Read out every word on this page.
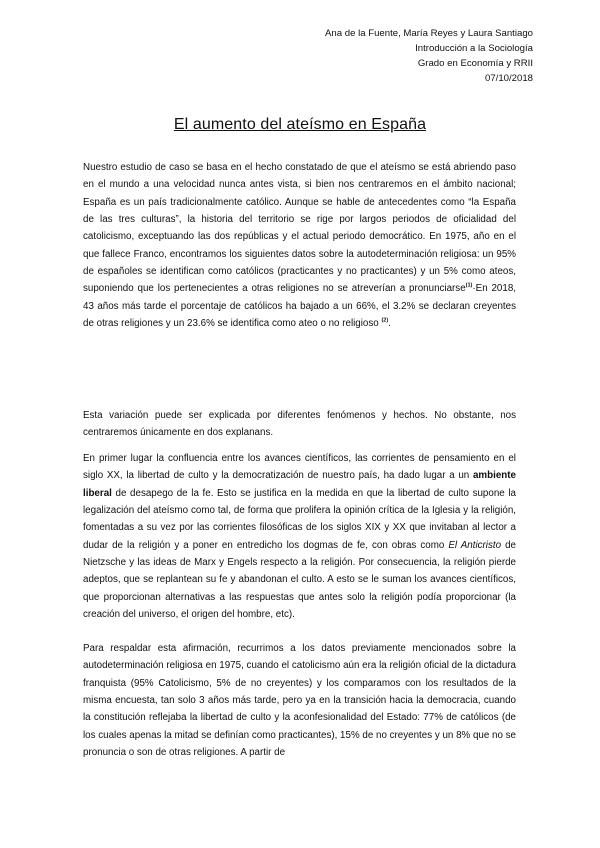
Ana de la Fuente, María Reyes y Laura Santiago
Introducción a la Sociología
Grado en Economía y RRII
07/10/2018
El aumento del ateísmo en España

Nuestro estudio de caso se basa en el hecho constatado de que el ateísmo se está abriendo paso en el mundo a una velocidad nunca antes vista, si bien nos centraremos en el ámbito nacional; España es un país tradicionalmente católico. Aunque se hable de antecedentes como “la España de las tres culturas”, la historia del territorio se rige por largos periodos de oficialidad del catolicismo, exceptuando las dos repúblicas y el actual periodo democrático. En 1975, año en el que fallece Franco, encontramos los siguientes datos sobre la autodeterminación religiosa: un 95% de españoles se identifican como católicos (practicantes y no practicantes) y un 5% como ateos, suponiendo que los pertenecientes a otras religiones no se atreverían a pronunciarse$^{(1)}$·En 2018, 43 años más tarde el porcentaje de católicos ha bajado a un 66%, el 3.2% se declaran creyentes de otras religiones y un 23.6% se identifica como ateo o no religioso $^{(2)}$.

Esta variación puede ser explicada por diferentes fenómenos y hechos. No obstante, nos centraremos únicamente en dos explanans.

En primer lugar la confluencia entre los avances científicos, las corrientes de pensamiento en el siglo XX, la libertad de culto y la democratización de nuestro país, ha dado lugar a un ambiente liberal de desapego de la fe. Esto se justifica en la medida en que la libertad de culto supone la legalización del ateísmo como tal, de forma que prolifera la opinión crítica de la Iglesia y la religión, fomentadas a su vez por las corrientes filosóficas de los siglos XIX y XX que invitaban al lector a dudar de la religión y a poner en entredicho los dogmas de fe, con obras como El Anticristo de Nietzsche y las ideas de Marx y Engels respecto a la religión. Por consecuencia, la religión pierde adeptos, que se replantean su fe y abandonan el culto. A esto se le suman los avances científicos, que proporcionan alternativas a las respuestas que antes solo la religión podía proporcionar (la creación del universo, el origen del hombre, etc).

Para respaldar esta afirmación, recurrimos a los datos previamente mencionados sobre la autodeterminación religiosa en 1975, cuando el catolicismo aún era la religión oficial de la dictadura franquista (95% Catolicismo, 5% de no creyentes) y los comparamos con los resultados de la misma encuesta, tan solo 3 años más tarde, pero ya en la transición hacia la democracia, cuando la constitución reflejaba la libertad de culto y la aconfesionalidad del Estado: 77% de católicos (de los cuales apenas la mitad se definían como practicantes), 15% de no creyentes y un 8% que no se pronuncia o son de otras religiones. A partir de
